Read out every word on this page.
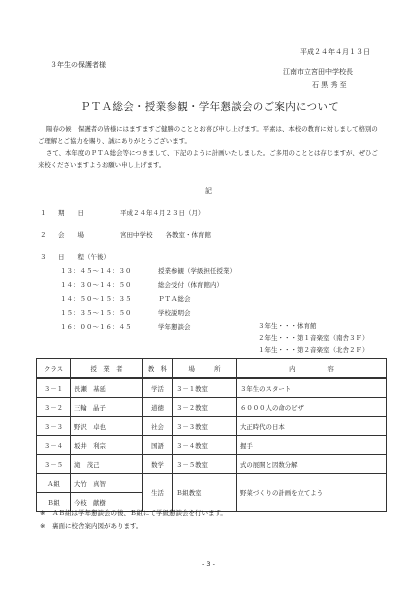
平成２４年４月１３日
３年生の保護者様
江南市立宮田中学校長
石 黒 秀 至
ＰＴＡ総会・授業参観・学年懇談会のご案内について
陽春の候　保護者の皆様にはますますご健勝のこととお喜び申し上げます。平素は、本校の教育に対しまして格別のご理解とご協力を賜り、誠にありがとうございます。
さて、本年度のＰＴＡ総会等につきまして、下記のように計画いたしました。ご多用のこととは存じますが、ぜひご来校くださいますようお願い申し上げます。
記
１ 期　　日	平成２４年４月２３日（月）
２ 会　　場	宮田中学校　　各教室・体育館
３ 日　　程（午後）
１３：４５～１４：３０	授業参観（学級担任授業）
１４：３０～１４：５０	総会受付（体育館内）
１４：５０～１５：３５	ＰＴＡ総会
１５：３５～１５：５０	学校説明会
１６：００～１６：４５	学年懇談会	３年生・・・体育館
２年生・・・第１音楽室（南舎３Ｆ）
１年生・・・第２音楽室（北舎２Ｆ）
クラス	授　業　者	教　科	場　　　所	内　　　　　容
３－１	長瀬　基延	学活	３－１教室	３年生のスタート
３－２	三輪　晶子	道徳	３－２教室	６０００人の命のビザ
３－３	野沢　卓也	社会	３－３教室	大正時代の日本
３－４	坂井　利宗	国語	３－４教室	握手
３－５	滝　茂己	数学	３－５教室	式の展開と因数分解
Ａ組	大竹　真智	生活	Ｂ組教室	野菜づくりの計画を立てよう
Ｂ組	今枝　献樹			
※　ＡＢ組は学年懇談会の後、Ｂ組にて学級懇談会を行います。
※　裏面に校舎案内図があります。
- 3 -
